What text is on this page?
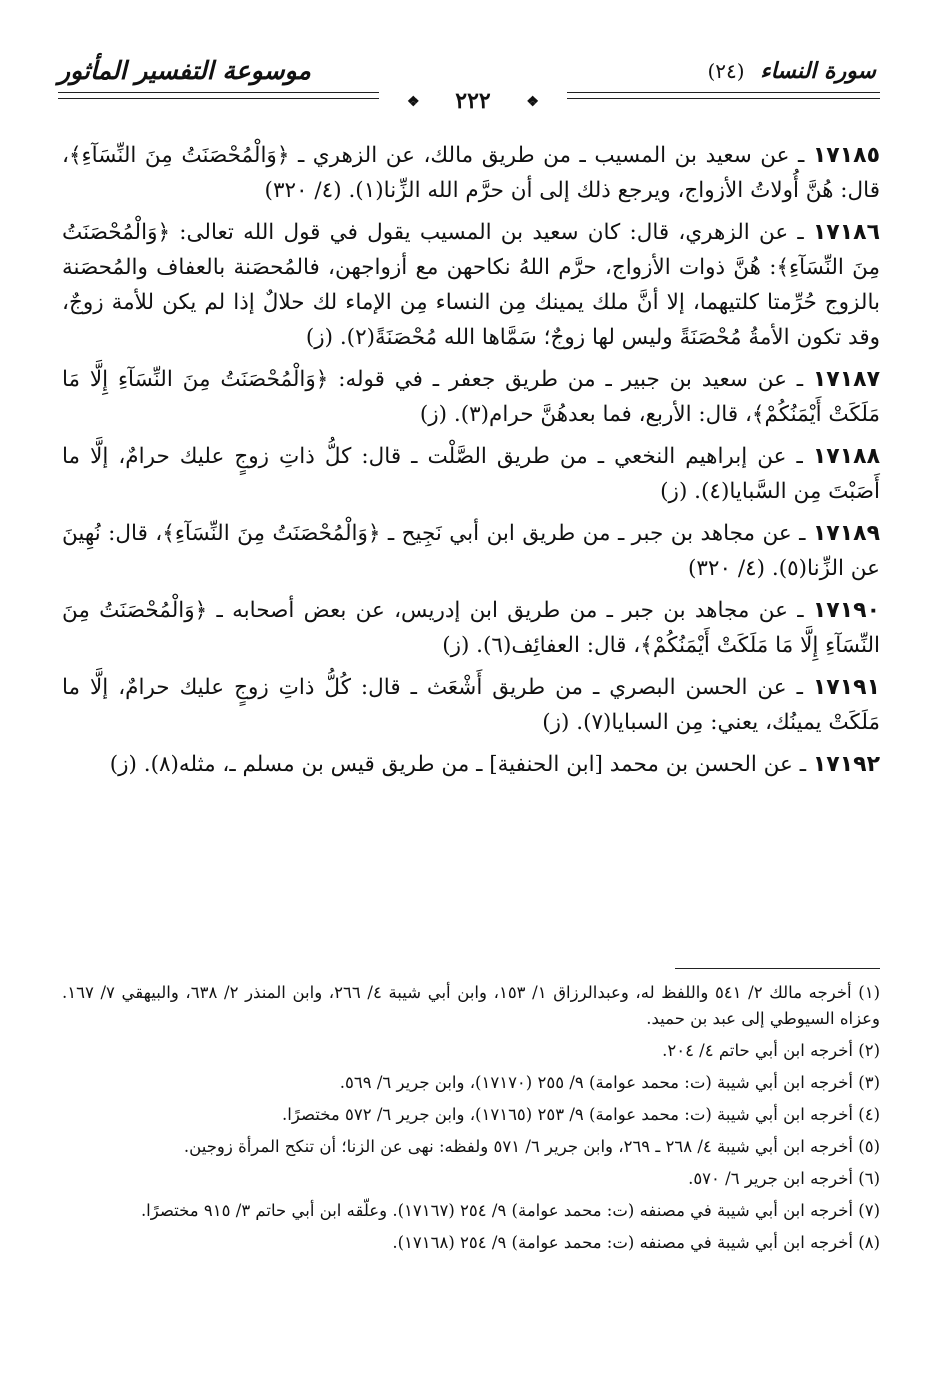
موسوعة التفسير المأثور	سورة النساء (٢٤)
❖ ٢٢٢	❖

١٧١٨٥ ـ عن سعيد بن المسيب ـ من طريق مالك، عن الزهري ـ ﴿وَالْمُحْصَنَتُ مِنَ النِّسَآءِ﴾، قال: هُنَّ أُولاتُ الأزواج، ويرجع ذلك إلى أن حرَّم الله الزِّنا(١). (٤/ ٣٢٠)

١٧١٨٦ ـ عن الزهري، قال: كان سعيد بن المسيب يقول في قول الله تعالى: ﴿وَالْمُحْصَنَتُ مِنَ النِّسَآءِ﴾: هُنَّ ذوات الأزواج، حرَّم اللهُ نكاحهن مع أزواجهن، فالمُحصَنة بالعفاف والمُحصَنة بالزوج حُرِّمتا كلتيهما، إلا أنَّ ملك يمينك مِن النساء مِن الإماء لك حلالٌ إذا لم يكن للأمة زوجٌ، وقد تكون الأمةُ مُحْصَنَةً وليس لها زوجٌ؛ سَمَّاها الله مُحْصَنَةً(٢). (ز)

١٧١٨٧ ـ عن سعيد بن جبير ـ من طريق جعفر ـ في قوله: ﴿وَالْمُحْصَنَتُ مِنَ النِّسَآءِ إِلَّا مَا مَلَكَتْ أَيْمَنُكُمْ﴾، قال: الأربع، فما بعدهُنَّ حرام(٣). (ز)

١٧١٨٨ ـ عن إبراهيم النخعي ـ من طريق الصَّلْت ـ قال: كلُّ ذاتِ زوجٍ عليك حرامٌ، إلَّا ما أَصَبْتَ مِن السَّبايا(٤). (ز)

١٧١٨٩ ـ عن مجاهد بن جبر ـ من طريق ابن أبي نَجِيح ـ ﴿وَالْمُحْصَنَتُ مِنَ النِّسَآءِ﴾، قال: نُهِينَ عن الزِّنا(٥). (٤/ ٣٢٠)

١٧١٩٠ ـ عن مجاهد بن جبر ـ من طريق ابن إدريس، عن بعض أصحابه ـ ﴿وَالْمُحْصَنَتُ مِنَ النِّسَآءِ إِلَّا مَا مَلَكَتْ أَيْمَنُكُمْ﴾، قال: العفائِف(٦). (ز)

١٧١٩١ ـ عن الحسن البصري ـ من طريق أَشْعَث ـ قال: كُلُّ ذاتِ زوجٍ عليك حرامٌ، إلَّا ما مَلَكَتْ يمينُك، يعني: مِن السبايا(٧). (ز)

١٧١٩٢ ـ عن الحسن بن محمد [ابن الحنفية] ـ من طريق قيس بن مسلم ـ، مثله(٨). (ز)

(١) أخرجه مالك ٢/ ٥٤١ واللفظ له، وعبدالرزاق ١/ ١٥٣، وابن أبي شيبة ٤/ ٢٦٦، وابن المنذر ٢/ ٦٣٨، والبيهقي ٧/ ١٦٧. وعزاه السيوطي إلى عبد بن حميد.

(٢) أخرجه ابن أبي حاتم ٤/ ٢٠٤.

(٣) أخرجه ابن أبي شيبة (ت: محمد عوامة) ٩/ ٢٥٥ (١٧١٧٠)، وابن جرير ٦/ ٥٦٩.

(٤) أخرجه ابن أبي شيبة (ت: محمد عوامة) ٩/ ٢٥٣ (١٧١٦٥)، وابن جرير ٦/ ٥٧٢ مختصرًا.

(٥) أخرجه ابن أبي شيبة ٤/ ٢٦٨ ـ ٢٦٩، وابن جرير ٦/ ٥٧١ ولفظه: نهى عن الزنا؛ أن تنكح المرأة زوجين.

(٦) أخرجه ابن جرير ٦/ ٥٧٠.

(٧) أخرجه ابن أبي شيبة في مصنفه (ت: محمد عوامة) ٩/ ٢٥٤ (١٧١٦٧). وعلّقه ابن أبي حاتم ٣/ ٩١٥ مختصرًا.

(٨) أخرجه ابن أبي شيبة في مصنفه (ت: محمد عوامة) ٩/ ٢٥٤ (١٧١٦٨).
